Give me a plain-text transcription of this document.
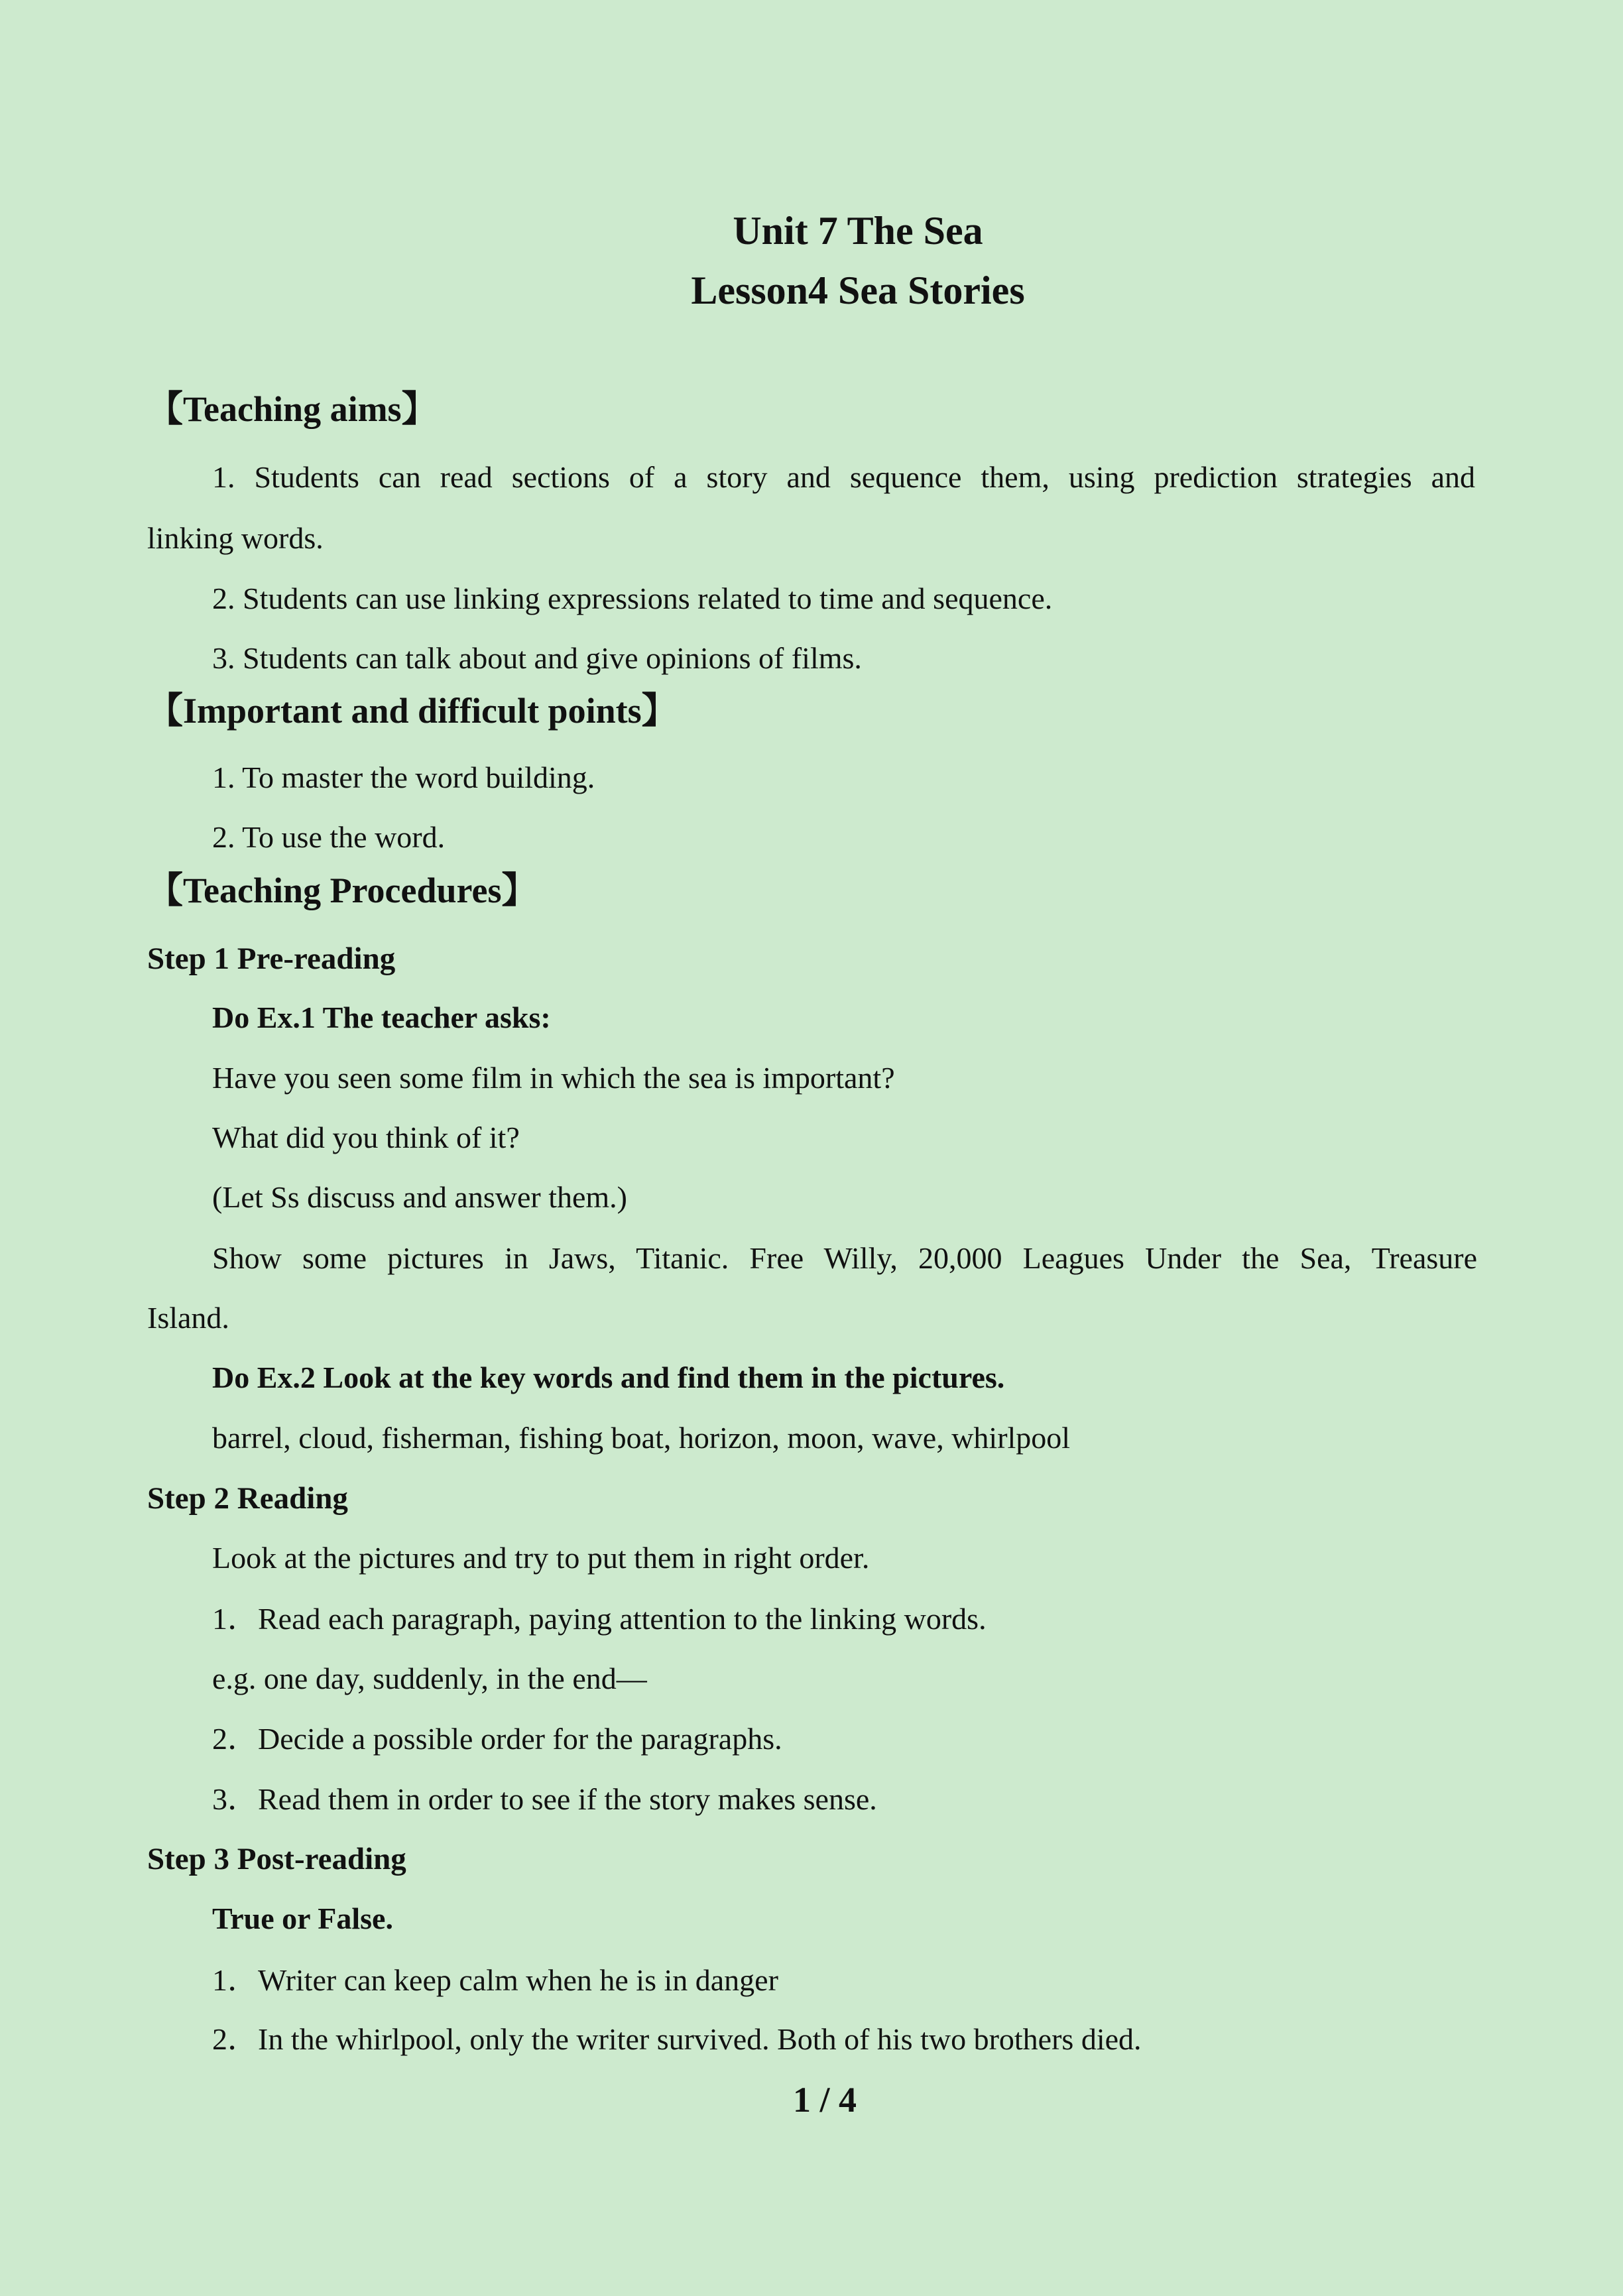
Unit 7 The Sea
Lesson4 Sea Stories
【Teaching aims】
1. Students can read sections of a story and sequence them, using prediction strategies and
linking words.
2. Students can use linking expressions related to time and sequence.
3. Students can talk about and give opinions of films.
【Important and difficult points】
1. To master the word building.
2. To use the word.
【Teaching Procedures】
Step 1 Pre-reading
Do Ex.1 The teacher asks:
Have you seen some film in which the sea is important?
What did you think of it?
(Let Ss discuss and answer them.)
Show some pictures in Jaws, Titanic. Free Willy, 20,000 Leagues Under the Sea, Treasure
Island.
Do Ex.2 Look at the key words and find them in the pictures.
barrel, cloud, fisherman, fishing boat, horizon, moon, wave, whirlpool
Step 2 Reading
Look at the pictures and try to put them in right order.
1．Read each paragraph, paying attention to the linking words.
e.g. one day, suddenly, in the end—
2．Decide a possible order for the paragraphs.
3．Read them in order to see if the story makes sense.
Step 3 Post-reading
True or False.
1．Writer can keep calm when he is in danger
2．In the whirlpool, only the writer survived. Both of his two brothers died.
1 / 4
